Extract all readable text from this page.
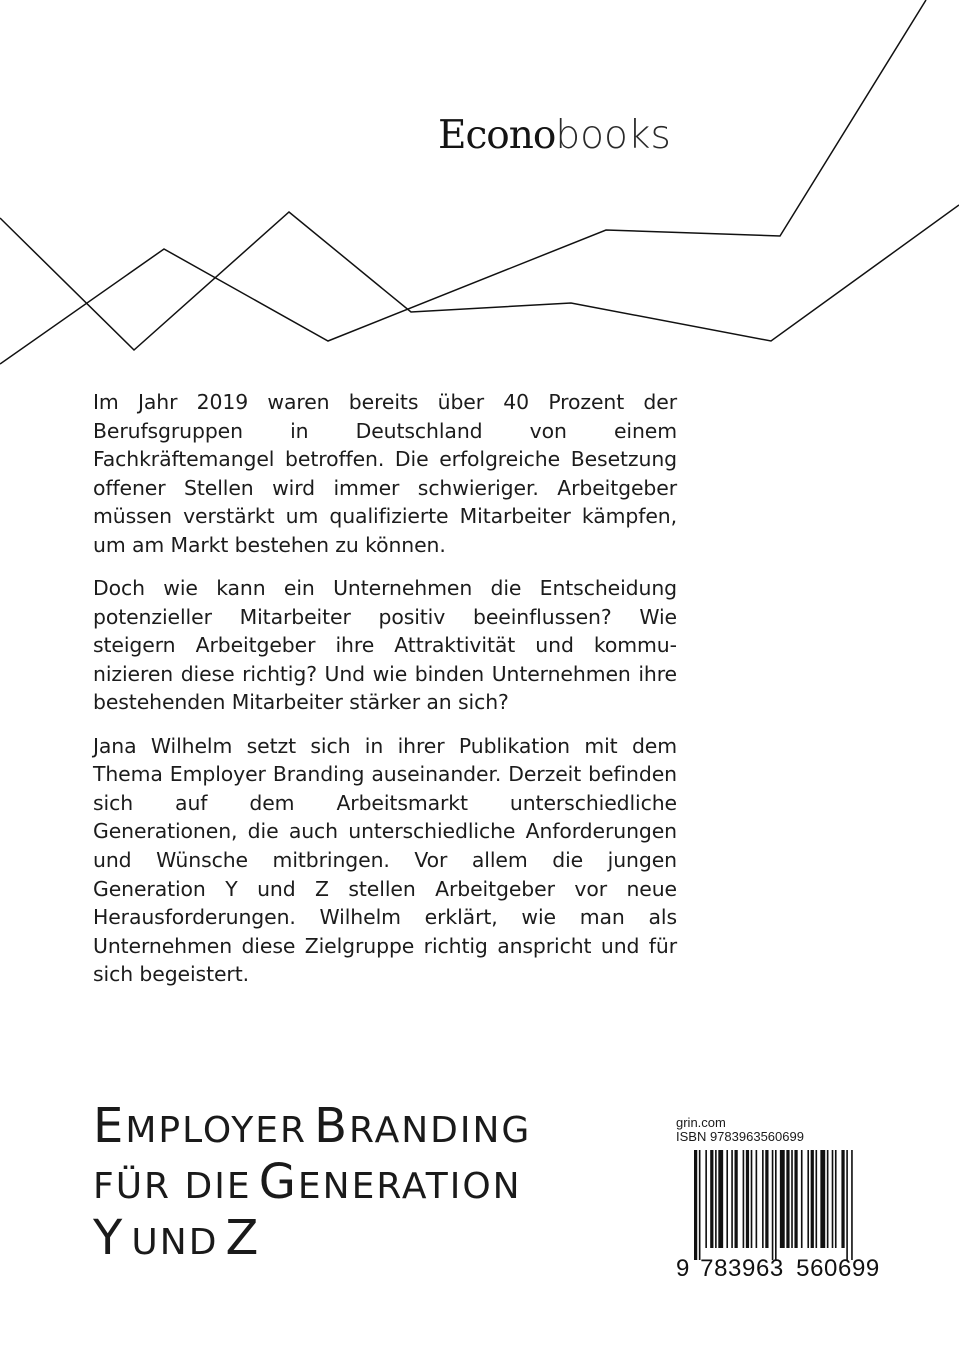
Econobooks

Im Jahr 2019 waren bereits über 40 Prozent der Berufsgruppen in Deutschland von einem Fachkräftemangel betroffen. Die erfolgreiche Besetzung offener Stellen wird immer schwieriger. Arbeitgeber müssen verstärkt um qualifizierte Mitarbeiter kämpfen, um am Markt bestehen zu können.

Doch wie kann ein Unternehmen die Entscheidung potenzieller Mitarbeiter positiv beeinflussen? Wie steigern Arbeitgeber ihre Attraktivität und kommunizieren diese richtig? Und wie binden Unternehmen ihre bestehenden Mitarbeiter stärker an sich?

Jana Wilhelm setzt sich in ihrer Publikation mit dem Thema Employer Branding auseinander. Derzeit befinden sich auf dem Arbeitsmarkt unterschiedliche Generationen, die auch unterschiedliche Anforderungen und Wünsche mitbringen. Vor allem die jungen Generation Y und Z stellen Arbeitgeber vor neue Herausforderungen. Wilhelm erklärt, wie man als Unternehmen diese Zielgruppe richtig anspricht und für sich begeistert.

EMPLOYER BRANDING
FÜR DIE GENERATION
Y UND Z
grin.com
ISBN 9783963560699
9 783963 560699
